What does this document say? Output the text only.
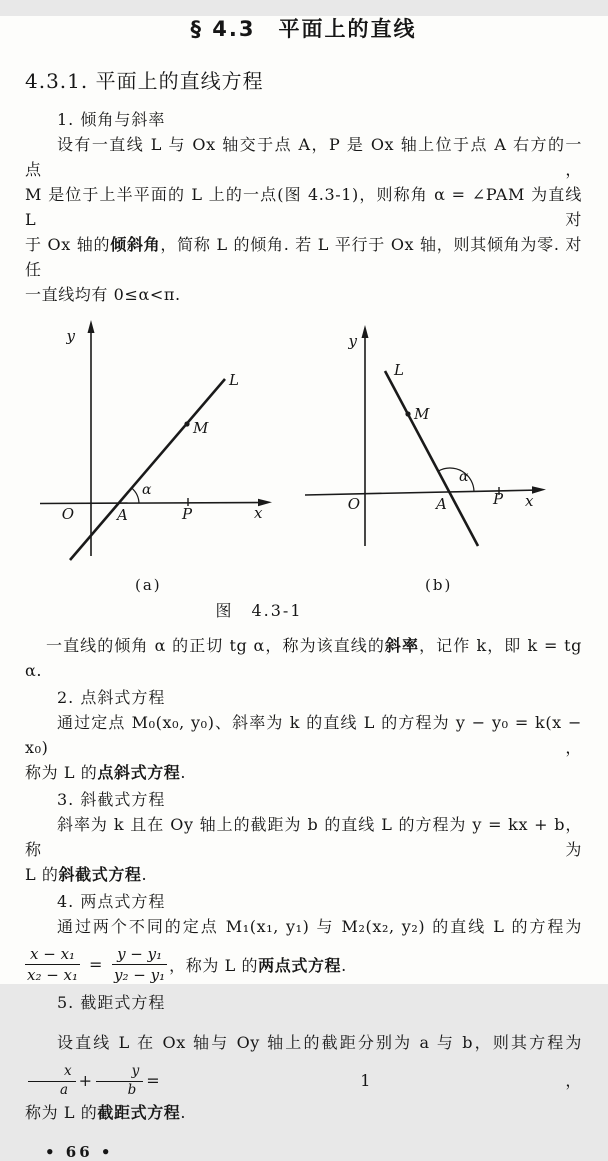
§ 4.3　平面上的直线
4.3.1. 平面上的直线方程
1. 倾角与斜率
设有一直线 L 与 Ox 轴交于点 A，P 是 Ox 轴上位于点 A 右方的一点，
M 是位于上半平面的 L 上的一点(图 4.3-1)，则称角 α = ∠PAM 为直线 L 对
于 Ox 轴的倾斜角，简称 L 的倾角. 若 L 平行于 Ox 轴，则其倾角为零. 对任
一直线均有 0≤α<π.
y
x
O	A	P
M
L
α
(a)
y
x
O	A	P
M
L
α
(b)
图　4.3-1
一直线的倾角 α 的正切 tg α，称为该直线的斜率，记作 k，即 k = tg α.
2. 点斜式方程
通过定点 M₀(x₀, y₀)、斜率为 k 的直线 L 的方程为 y − y₀ = k(x − x₀)，
称为 L 的点斜式方程.
3. 斜截式方程
斜率为 k 且在 Oy 轴上的截距为 b 的直线 L 的方程为 y = kx + b，称为
L 的斜截式方程.
4. 两点式方程
通过两个不同的定点 M₁(x₁, y₁) 与 M₂(x₂, y₂) 的直线 L 的方程为
$\frac{\text{x − x₁}}{\text{x₂ − x₁}} = \frac{\text{y − y₁}}{\text{y₂ − y₁}}$ ，称为 L 的两点式方程.
5. 截距式方程
设直线 L 在 Ox 轴与 Oy 轴上的截距分别为 a 与 b，则其方程为
$\frac{x}{a} + \frac{y}{b} = 1$，
称为 L 的截距式方程.
• 66 •
